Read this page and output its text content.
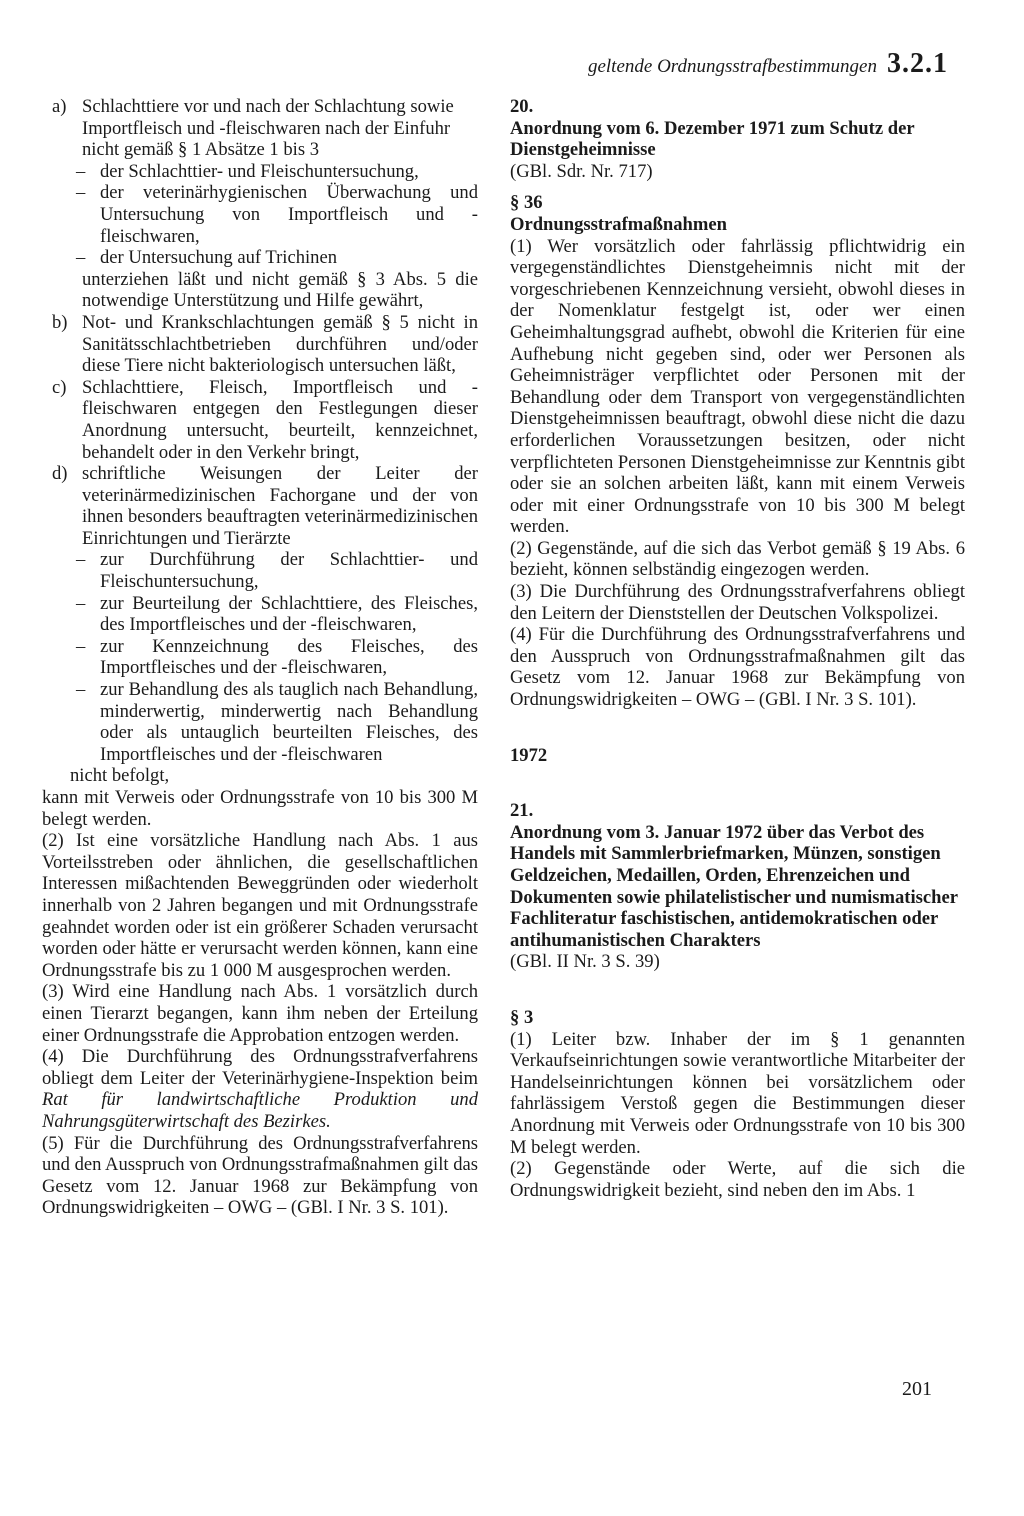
geltende Ordnungsstrafbestimmungen 3.2.1
a) Schlachttiere vor und nach der Schlachtung sowie

Importfleisch und -fleischwaren nach der Einfuhr

nicht gemäß § 1 Absätze 1 bis 3

– der Schlachttier- und Fleischuntersuchung,

– der veterinärhygienischen Überwachung und Untersuchung von Importfleisch und -fleischwaren,

– der Untersuchung auf Trichinen

unterziehen läßt und nicht gemäß § 3 Abs. 5 die notwendige Unterstützung und Hilfe gewährt,

b) Not- und Krankschlachtungen gemäß § 5 nicht in Sanitätsschlachtbetrieben durchführen und/oder diese Tiere nicht bakteriologisch untersuchen läßt,

c) Schlachttiere, Fleisch, Importfleisch und -fleischwaren entgegen den Festlegungen dieser Anordnung untersucht, beurteilt, kennzeichnet, behandelt oder in den Verkehr bringt,

d) schriftliche Weisungen der Leiter der veterinärmedizinischen Fachorgane und der von ihnen besonders beauftragten veterinärmedizinischen Einrichtungen und Tierärzte

– zur Durchführung der Schlachttier- und Fleischuntersuchung,

– zur Beurteilung der Schlachttiere, des Fleisches, des Importfleisches und der -fleischwaren,

– zur Kennzeichnung des Fleisches, des Importfleisches und der -fleischwaren,

– zur Behandlung des als tauglich nach Behandlung, minderwertig, minderwertig nach Behandlung oder als untauglich beurteilten Fleisches, des Importfleisches und der -fleischwaren

nicht befolgt,

kann mit Verweis oder Ordnungsstrafe von 10 bis 300 M belegt werden.

(2) Ist eine vorsätzliche Handlung nach Abs. 1 aus Vorteilsstreben oder ähnlichen, die gesellschaftlichen Interessen mißachtenden Beweggründen oder wiederholt innerhalb von 2 Jahren begangen und mit Ordnungsstrafe geahndet worden oder ist ein größerer Schaden verursacht worden oder hätte er verursacht werden können, kann eine Ordnungsstrafe bis zu 1 000 M ausgesprochen werden.

(3) Wird eine Handlung nach Abs. 1 vorsätzlich durch einen Tierarzt begangen, kann ihm neben der Erteilung einer Ordnungsstrafe die Approbation entzogen werden.

(4) Die Durchführung des Ordnungsstrafverfahrens obliegt dem Leiter der Veterinärhygiene-Inspektion beim Rat für landwirtschaftliche Produktion und Nahrungsgüterwirtschaft des Bezirkes.

(5) Für die Durchführung des Ordnungsstrafverfahrens und den Ausspruch von Ordnungsstrafmaßnahmen gilt das Gesetz vom 12. Januar 1968 zur Bekämpfung von Ordnungswidrigkeiten – OWG – (GBl. I Nr. 3 S. 101).

20.

Anordnung vom 6. Dezember 1971 zum Schutz der Dienstgeheimnisse

(GBl. Sdr. Nr. 717)

§ 36

Ordnungsstrafmaßnahmen

(1) Wer vorsätzlich oder fahrlässig pflichtwidrig ein vergegenständlichtes Dienstgeheimnis nicht mit der vorgeschriebenen Kennzeichnung versieht, obwohl dieses in der Nomenklatur festgelgt ist, oder wer einen Geheimhaltungsgrad aufhebt, obwohl die Kriterien für eine Aufhebung nicht gegeben sind, oder wer Personen als Geheimnisträger verpflichtet oder Personen mit der Behandlung oder dem Transport von vergegenständlichten Dienstgeheimnissen beauftragt, obwohl diese nicht die dazu erforderlichen Voraussetzungen besitzen, oder nicht verpflichteten Personen Dienstgeheimnisse zur Kenntnis gibt oder sie an solchen arbeiten läßt, kann mit einem Verweis oder mit einer Ordnungsstrafe von 10 bis 300 M belegt werden.

(2) Gegenstände, auf die sich das Verbot gemäß § 19 Abs. 6 bezieht, können selbständig eingezogen werden.

(3) Die Durchführung des Ordnungsstrafverfahrens obliegt den Leitern der Dienststellen der Deutschen Volkspolizei.

(4) Für die Durchführung des Ordnungsstrafverfahrens und den Ausspruch von Ordnungsstrafmaßnahmen gilt das Gesetz vom 12. Januar 1968 zur Bekämpfung von Ordnungswidrigkeiten – OWG – (GBl. I Nr. 3 S. 101).

1972

21.

Anordnung vom 3. Januar 1972 über das Verbot des Handels mit Sammlerbriefmarken, Münzen, sonstigen Geldzeichen, Medaillen, Orden, Ehrenzeichen und Dokumenten sowie philatelistischer und numismatischer Fachliteratur faschistischen, antidemokratischen oder antihumanistischen Charakters

(GBl. II Nr. 3 S. 39)

§ 3

(1) Leiter bzw. Inhaber der im § 1 genannten Verkaufseinrichtungen sowie verantwortliche Mitarbeiter der Handelseinrichtungen können bei vorsätzlichem oder fahrlässigem Verstoß gegen die Bestimmungen dieser Anordnung mit Verweis oder Ordnungsstrafe von 10 bis 300 M belegt werden.

(2) Gegenstände oder Werte, auf die sich die Ordnungswidrigkeit bezieht, sind neben den im Abs. 1

201
